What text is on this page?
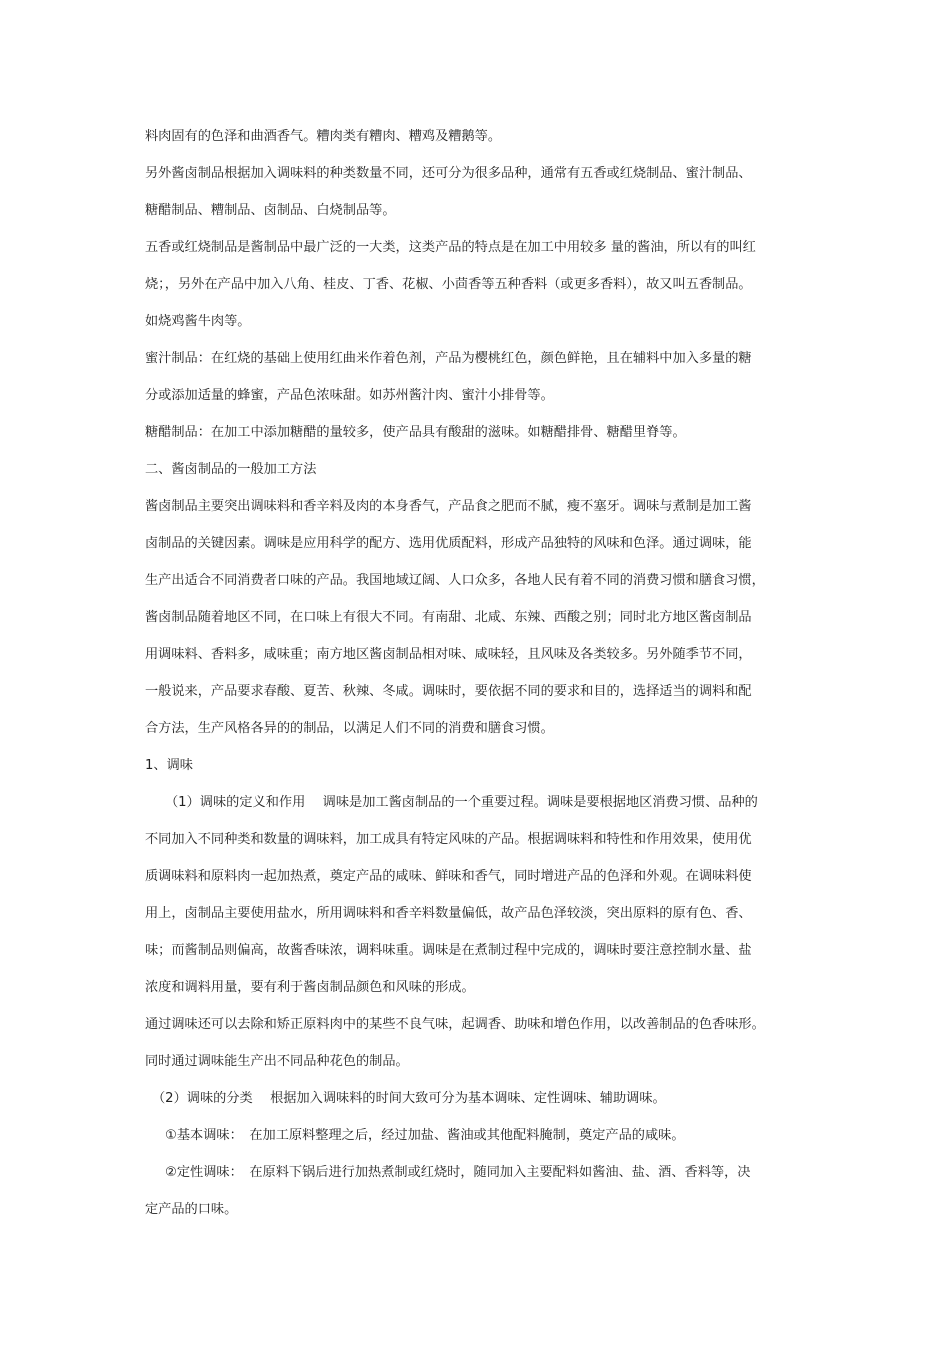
料肉固有的色泽和曲酒香气。糟肉类有糟肉、糟鸡及糟鹅等。

另外酱卤制品根据加入调味料的种类数量不同，还可分为很多品种，通常有五香或红烧制品、蜜汁制品、

糖醋制品、糟制品、卤制品、白烧制品等。

五香或红烧制品是酱制品中最广泛的一大类，这类产品的特点是在加工中用较多 量的酱油，所以有的叫红

烧；，另外在产品中加入八角、桂皮、丁香、花椒、小茴香等五种香料（或更多香料），故又叫五香制品。

如烧鸡酱牛肉等。

蜜汁制品：在红烧的基础上使用红曲米作着色剂，产品为樱桃红色，颜色鲜艳，且在辅料中加入多量的糖

分或添加适量的蜂蜜，产品色浓味甜。如苏州酱汁肉、蜜汁小排骨等。

糖醋制品：在加工中添加糖醋的量较多，使产品具有酸甜的滋味。如糖醋排骨、糖醋里脊等。

二、酱卤制品的一般加工方法

酱卤制品主要突出调味料和香辛料及肉的本身香气，产品食之肥而不腻，瘦不塞牙。调味与煮制是加工酱

卤制品的关键因素。调味是应用科学的配方、选用优质配料，形成产品独特的风味和色泽。通过调味，能

生产出适合不同消费者口味的产品。我国地域辽阔、人口众多，各地人民有着不同的消费习惯和膳食习惯，

酱卤制品随着地区不同，在口味上有很大不同。有南甜、北咸、东辣、西酸之别；同时北方地区酱卤制品

用调味料、香料多，咸味重；南方地区酱卤制品相对味、咸味轻，且风味及各类较多。另外随季节不同，

一般说来，产品要求春酸、夏苦、秋辣、冬咸。调味时，要依据不同的要求和目的，选择适当的调料和配

合方法，生产风格各异的的制品，以满足人们不同的消费和膳食习惯。

1、调味

（1）调味的定义和作用　 调味是加工酱卤制品的一个重要过程。调味是要根据地区消费习惯、品种的

不同加入不同种类和数量的调味料，加工成具有特定风味的产品。根据调味料和特性和作用效果，使用优

质调味料和原料肉一起加热煮，奠定产品的咸味、鲜味和香气，同时增进产品的色泽和外观。在调味料使

用上，卤制品主要使用盐水，所用调味料和香辛料数量偏低，故产品色泽较淡，突出原料的原有色、香、

味；而酱制品则偏高，故酱香味浓，调料味重。调味是在煮制过程中完成的，调味时要注意控制水量、盐

浓度和调料用量，要有利于酱卤制品颜色和风味的形成。

通过调味还可以去除和矫正原料肉中的某些不良气味，起调香、助味和增色作用，以改善制品的色香味形。

同时通过调味能生产出不同品种花色的制品。

（2）调味的分类　 根据加入调味料的时间大致可分为基本调味、定性调味、辅助调味。

①基本调味：　在加工原料整理之后，经过加盐、酱油或其他配料腌制，奠定产品的咸味。

②定性调味：　在原料下锅后进行加热煮制或红烧时，随同加入主要配料如酱油、盐、酒、香料等，决

定产品的口味。
